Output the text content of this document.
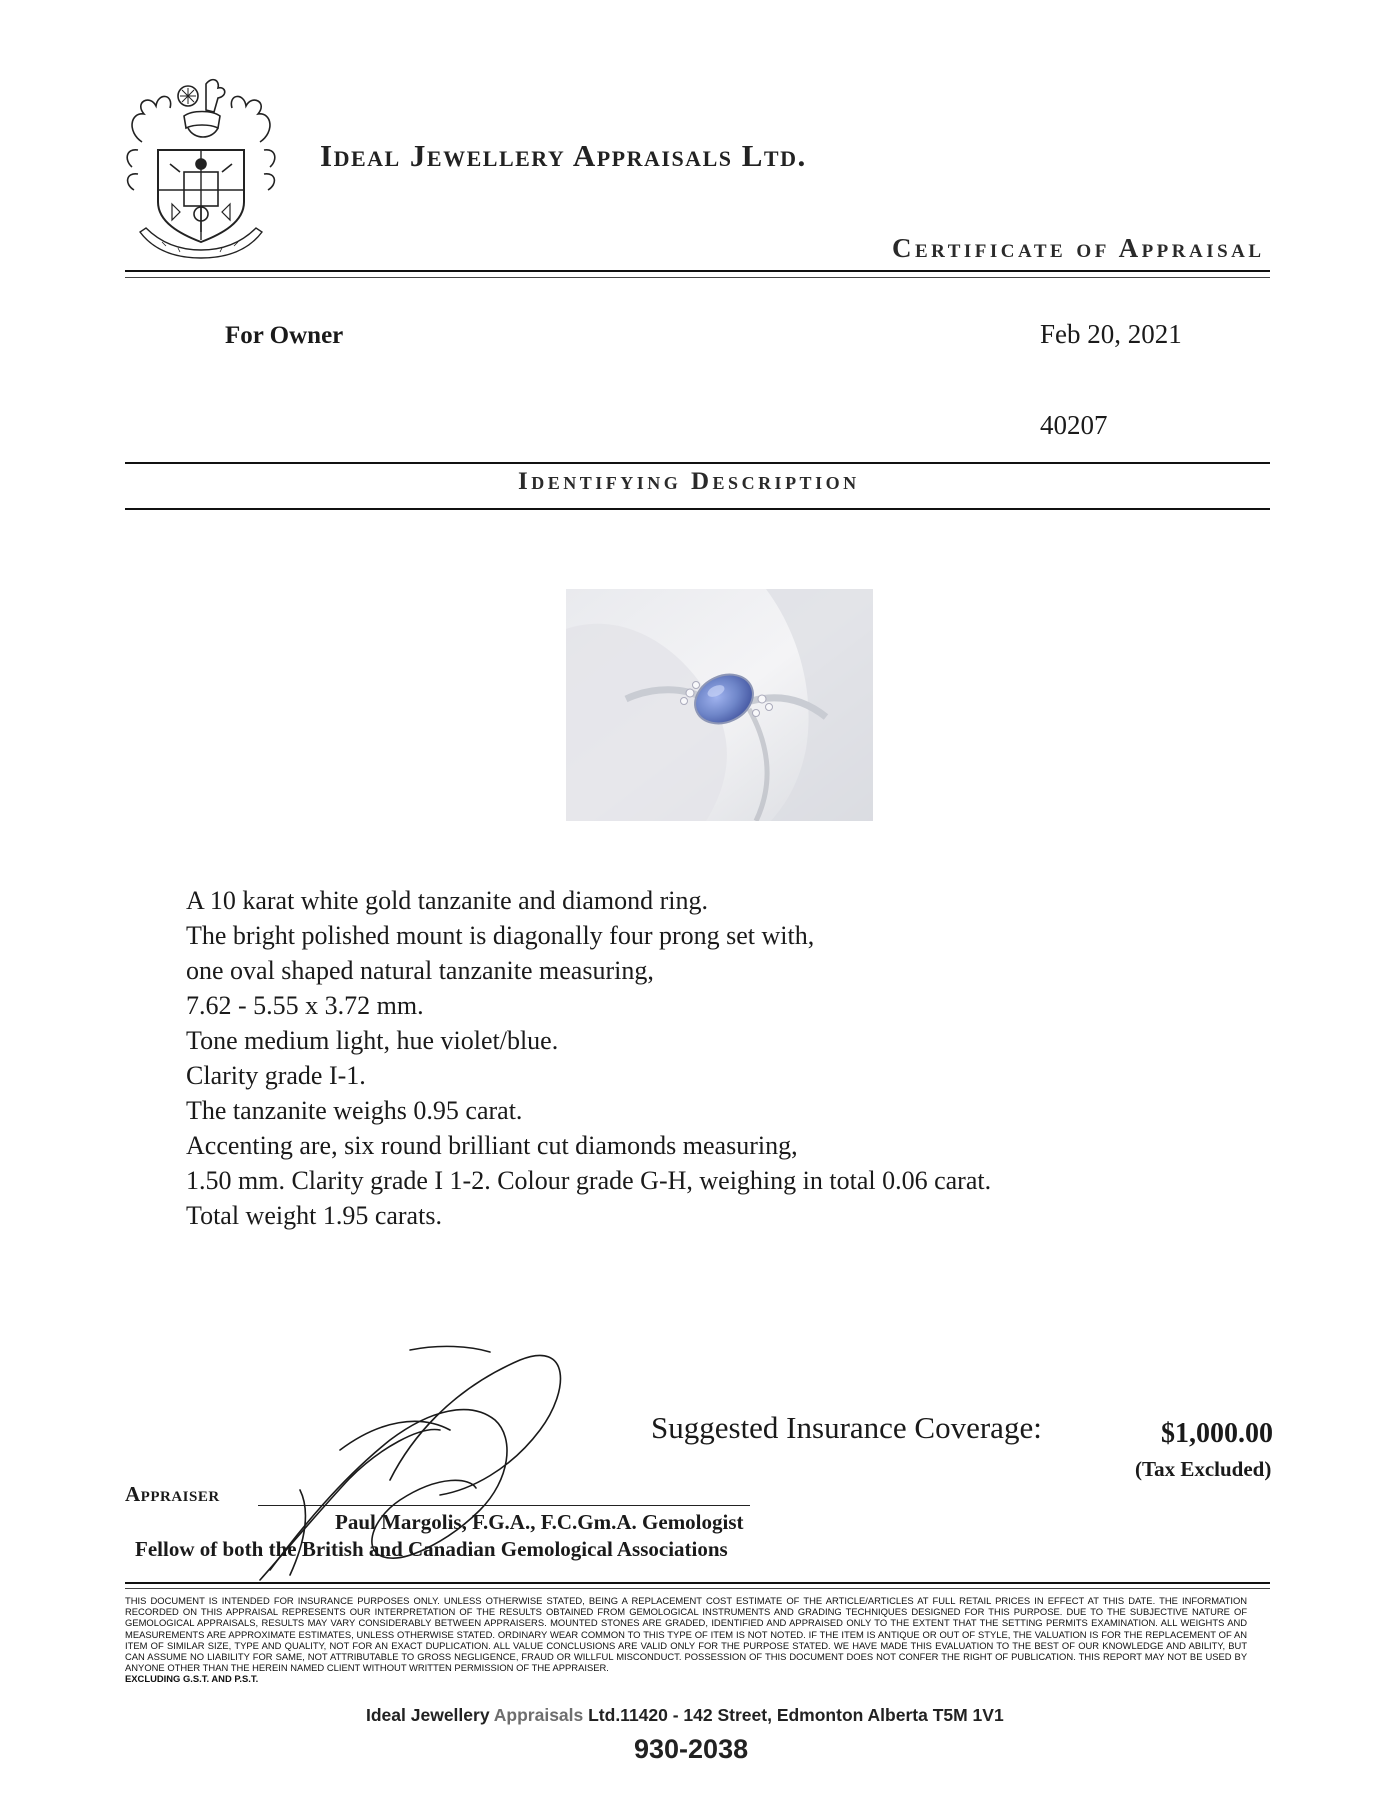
Ideal Jewellery Appraisals Ltd.
Certificate of Appraisal
For Owner	Feb 20, 2021
40207
Identifying Description
A 10 karat white gold tanzanite and diamond ring.
The bright polished mount is diagonally four prong set with,
one oval shaped natural tanzanite measuring,
7.62 - 5.55 x 3.72 mm.
Tone medium light, hue violet/blue.
Clarity grade I-1.
The tanzanite weighs 0.95 carat.
Accenting are, six round brilliant cut diamonds measuring,
1.50 mm. Clarity grade I 1-2. Colour grade G-H, weighing in total 0.06 carat.
Total weight 1.95 carats.
Suggested Insurance Coverage:	$1,000.00
(Tax Excluded)
Appraiser
Paul Margolis, F.G.A., F.C.Gm.A. Gemologist
Fellow of both the British and Canadian Gemological Associations
THIS DOCUMENT IS INTENDED FOR INSURANCE PURPOSES ONLY. UNLESS OTHERWISE STATED, BEING A REPLACEMENT COST ESTIMATE OF THE ARTICLE/ARTICLES AT FULL RETAIL PRICES IN EFFECT AT THIS DATE. THE INFORMATION RECORDED ON THIS APPRAISAL REPRESENTS OUR INTERPRETATION OF THE RESULTS OBTAINED FROM GEMOLOGICAL INSTRUMENTS AND GRADING TECHNIQUES DESIGNED FOR THIS PURPOSE. DUE TO THE SUBJECTIVE NATURE OF GEMOLOGICAL APPRAISALS, RESULTS MAY VARY CONSIDERABLY BETWEEN APPRAISERS. MOUNTED STONES ARE GRADED, IDENTIFIED AND APPRAISED ONLY TO THE EXTENT THAT THE SETTING PERMITS EXAMINATION. ALL WEIGHTS AND MEASUREMENTS ARE APPROXIMATE ESTIMATES, UNLESS OTHERWISE STATED. ORDINARY WEAR COMMON TO THIS TYPE OF ITEM IS NOT NOTED. IF THE ITEM IS ANTIQUE OR OUT OF STYLE, THE VALUATION IS FOR THE REPLACEMENT OF AN ITEM OF SIMILAR SIZE, TYPE AND QUALITY, NOT FOR AN EXACT DUPLICATION. ALL VALUE CONCLUSIONS ARE VALID ONLY FOR THE PURPOSE STATED. WE HAVE MADE THIS EVALUATION TO THE BEST OF OUR KNOWLEDGE AND ABILITY, BUT CAN ASSUME NO LIABILITY FOR SAME, NOT ATTRIBUTABLE TO GROSS NEGLIGENCE, FRAUD OR WILLFUL MISCONDUCT. POSSESSION OF THIS DOCUMENT DOES NOT CONFER THE RIGHT OF PUBLICATION. THIS REPORT MAY NOT BE USED BY ANYONE OTHER THAN THE HEREIN NAMED CLIENT WITHOUT WRITTEN PERMISSION OF THE APPRAISER.
EXCLUDING G.S.T. AND P.S.T.
Ideal Jewellery Appraisals Ltd.11420 - 142 Street, Edmonton Alberta T5M 1V1
930-2038
